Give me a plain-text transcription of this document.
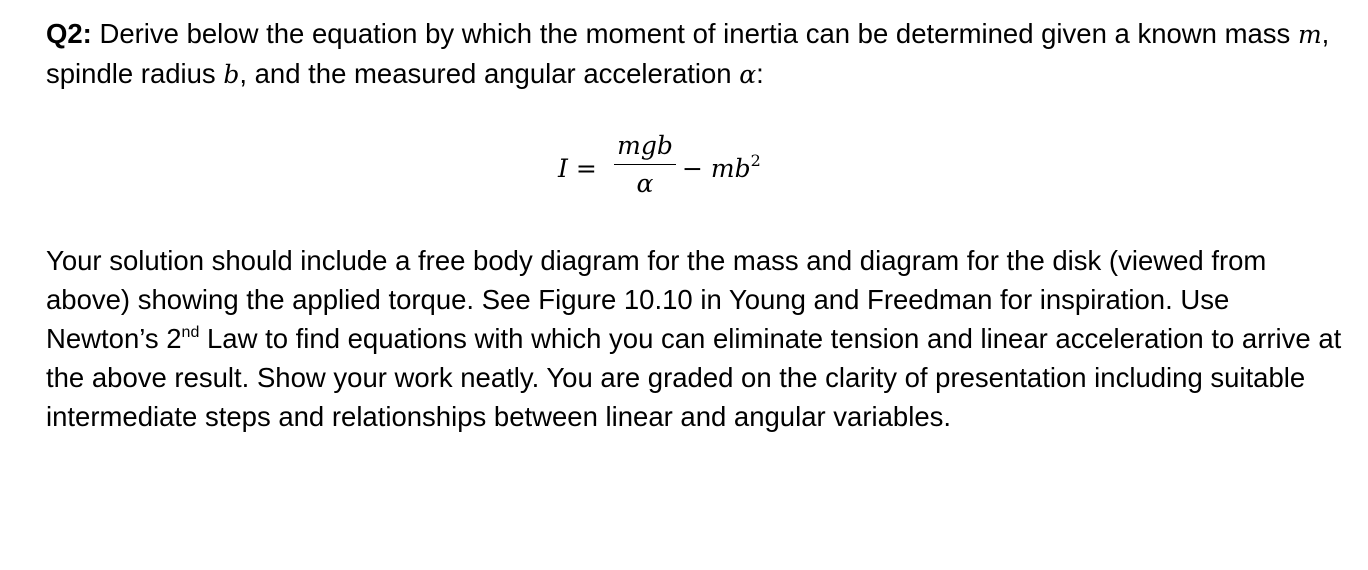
Q2: Derive below the equation by which the moment of inertia can be determined given a known mass m, spindle radius b, and the measured angular acceleration α:

I =
mgb
α
− $mb^2$

Your solution should include a free body diagram for the mass and diagram for the disk (viewed from above) showing the applied torque. See Figure 10.10 in Young and Freedman for inspiration. Use Newton’s 2nd Law to find equations with which you can eliminate tension and linear acceleration to arrive at the above result. Show your work neatly. You are graded on the clarity of presentation including suitable intermediate steps and relationships between linear and angular variables.
